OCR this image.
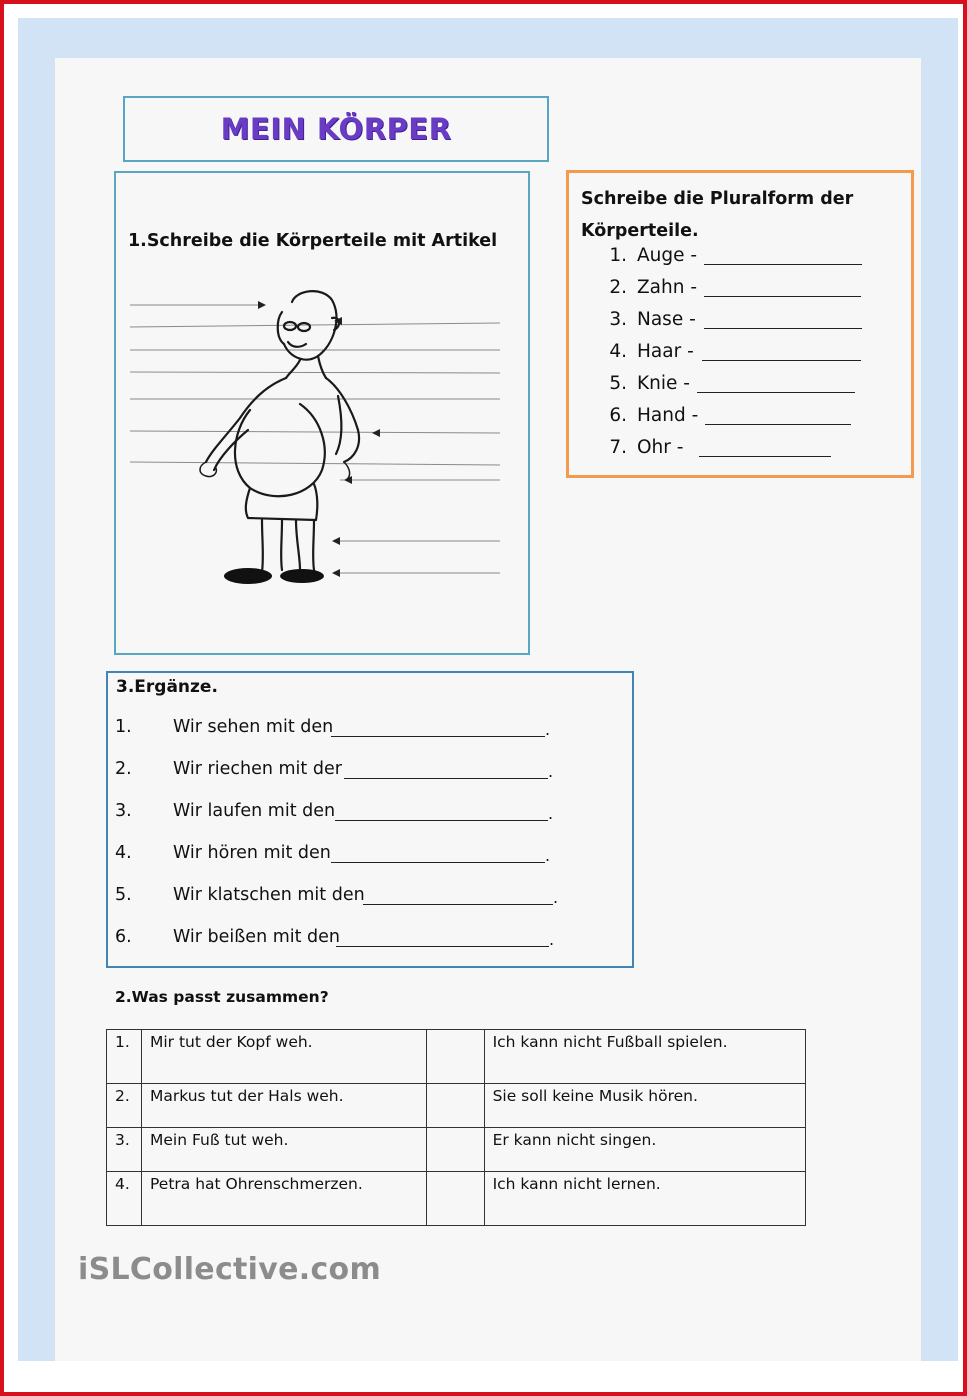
MEIN KÖRPER
1.Schreibe die Körperteile mit Artikel
Schreibe die Pluralform der Körperteile.
1. Auge -
2. Zahn -
3. Nase -
4. Haar -
5. Knie -
6. Hand -
7. Ohr -
3.Ergänze.
1. Wir sehen mit den	.
2. Wir riechen mit der	.
3. Wir laufen mit den	.
4. Wir hören mit den	.
5. Wir klatschen mit den	.
6. Wir beißen mit den	.
2.Was passt zusammen?
1.	Mir tut der Kopf weh.		Ich kann nicht Fußball spielen.
2.	Markus tut der Hals weh.		Sie soll keine Musik hören.
3.	Mein Fuß tut weh.		Er kann nicht singen.
4.	Petra hat Ohrenschmerzen.		Ich kann nicht lernen.
iSLCollective.com
